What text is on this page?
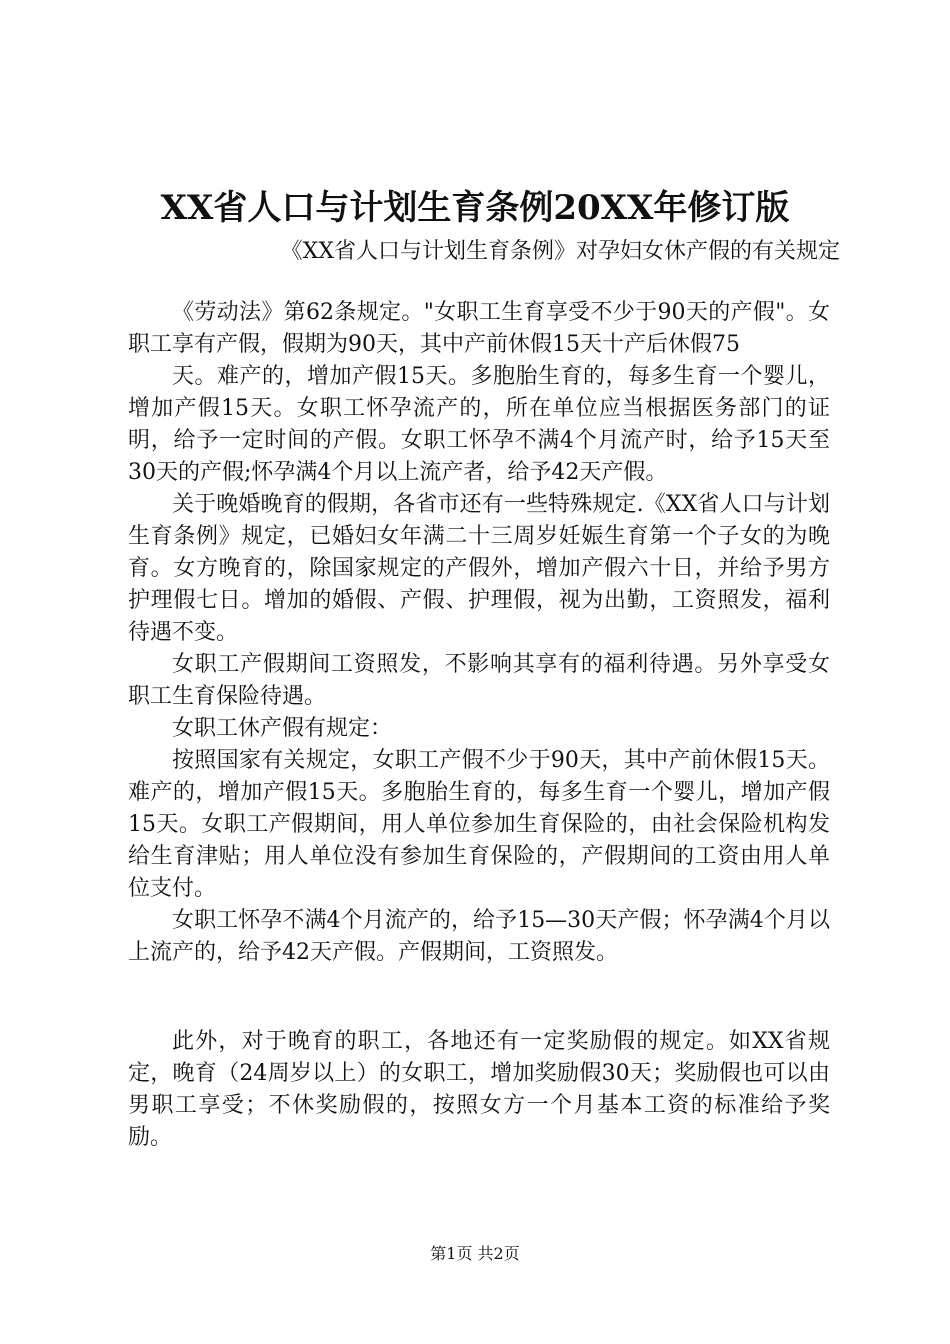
XX省人口与计划生育条例20XX年修订版
《XX省人口与计划生育条例》对孕妇女休产假的有关规定

《劳动法》第62条规定。"女职工生育享受不少于90天的产假"。女职工享有产假，假期为90天，其中产前休假15天十产后休假75

天。难产的，增加产假15天。多胞胎生育的，每多生育一个婴儿，增加产假15天。女职工怀孕流产的，所在单位应当根据医务部门的证明，给予一定时间的产假。女职工怀孕不满4个月流产时，给予15天至30天的产假;怀孕满4个月以上流产者，给予42天产假。

关于晚婚晚育的假期，各省市还有一些特殊规定.《XX省人口与计划生育条例》规定，已婚妇女年满二十三周岁妊娠生育第一个子女的为晚育。女方晚育的，除国家规定的产假外，增加产假六十日，并给予男方护理假七日。增加的婚假、产假、护理假，视为出勤，工资照发，福利待遇不变。

女职工产假期间工资照发，不影响其享有的福利待遇。另外享受女职工生育保险待遇。

女职工休产假有规定：

按照国家有关规定，女职工产假不少于90天，其中产前休假15天。难产的，增加产假15天。多胞胎生育的，每多生育一个婴儿，增加产假15天。女职工产假期间，用人单位参加生育保险的，由社会保险机构发给生育津贴；用人单位没有参加生育保险的，产假期间的工资由用人单位支付。

女职工怀孕不满4个月流产的，给予15—30天产假；怀孕满4个月以上流产的，给予42天产假。产假期间，工资照发。

此外，对于晚育的职工，各地还有一定奖励假的规定。如XX省规定，晚育（24周岁以上）的女职工，增加奖励假30天；奖励假也可以由男职工享受；不休奖励假的，按照女方一个月基本工资的标准给予奖励。

第1页 共2页
